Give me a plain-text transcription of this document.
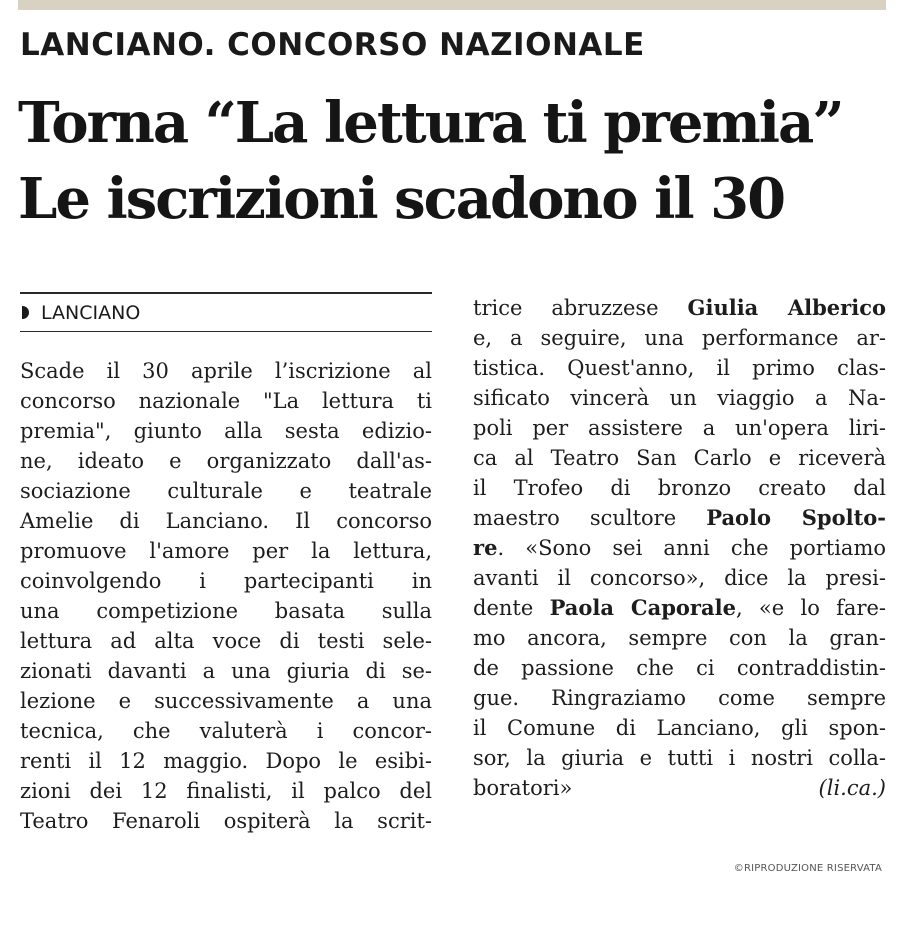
LANCIANO. CONCORSO NAZIONALE
Torna “La lettura ti premia”
Le iscrizioni scadono il 30
LANCIANO
Scade il 30 aprile l’iscrizione al
concorso nazionale "La lettura ti
premia", giunto alla sesta edizio-
ne, ideato e organizzato dall'as-
sociazione culturale e teatrale
Amelie di Lanciano. Il concorso
promuove l'amore per la lettura,
coinvolgendo i partecipanti in
una competizione basata sulla
lettura ad alta voce di testi sele-
zionati davanti a una giuria di se-
lezione e successivamente a una
tecnica, che valuterà i concor-
renti il 12 maggio. Dopo le esibi-
zioni dei 12 finalisti, il palco del
Teatro Fenaroli ospiterà la scrit-
trice abruzzese Giulia Alberico
e, a seguire, una performance ar-
tistica. Quest'anno, il primo clas-
sificato vincerà un viaggio a Na-
poli per assistere a un'opera liri-
ca al Teatro San Carlo e riceverà
il Trofeo di bronzo creato dal
maestro scultore Paolo Spolto-
re. «Sono sei anni che portiamo
avanti il concorso», dice la presi-
dente Paola Caporale, «e lo fare-
mo ancora, sempre con la gran-
de passione che ci contraddistin-
gue. Ringraziamo come sempre
il Comune di Lanciano, gli spon-
sor, la giuria e tutti i nostri colla-
boratori»	(li.ca.)
©RIPRODUZIONE RISERVATA
